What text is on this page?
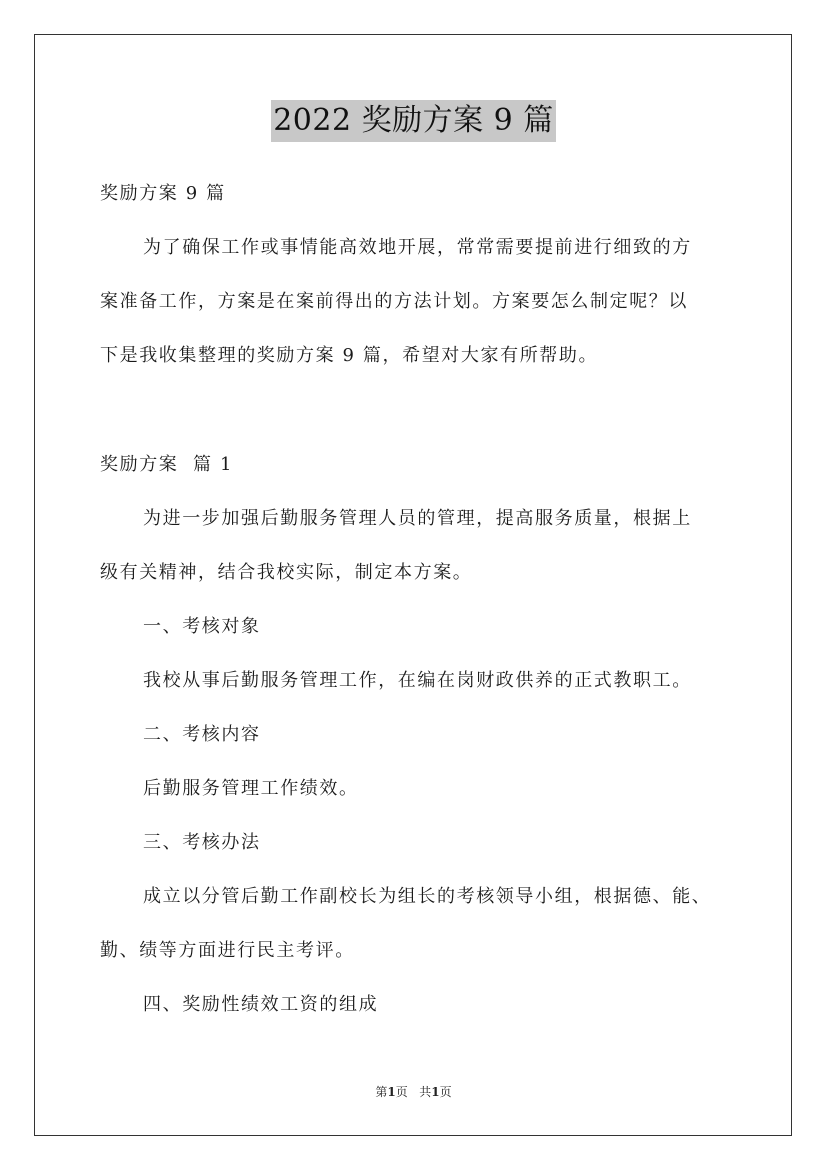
2022 奖励方案 9 篇
奖励方案 9 篇
为了确保工作或事情能高效地开展，常常需要提前进行细致的方
案准备工作，方案是在案前得出的方法计划。方案要怎么制定呢？以
下是我收集整理的奖励方案 9 篇，希望对大家有所帮助。
奖励方案  篇 1
为进一步加强后勤服务管理人员的管理，提高服务质量，根据上
级有关精神，结合我校实际，制定本方案。
一、考核对象
我校从事后勤服务管理工作，在编在岗财政供养的正式教职工。
二、考核内容
后勤服务管理工作绩效。
三、考核办法
成立以分管后勤工作副校长为组长的考核领导小组，根据德、能、
勤、绩等方面进行民主考评。
四、奖励性绩效工资的组成
第1页 共1页
